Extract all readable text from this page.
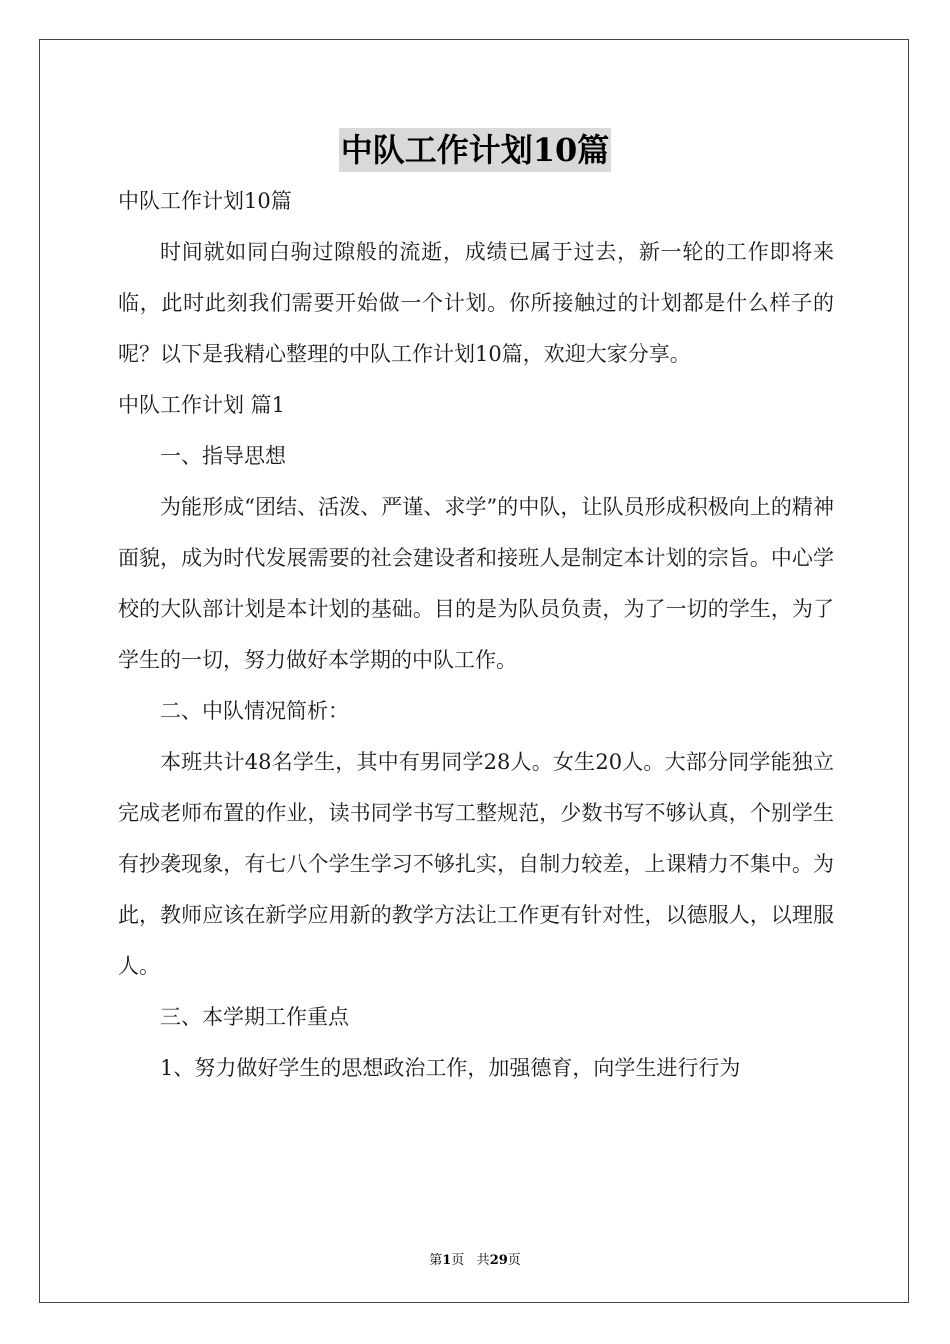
中队工作计划10篇

中队工作计划10篇

时间就如同白驹过隙般的流逝，成绩已属于过去，新一轮的工作即将来临，此时此刻我们需要开始做一个计划。你所接触过的计划都是什么样子的呢？以下是我精心整理的中队工作计划10篇，欢迎大家分享。

中队工作计划 篇1

一、指导思想

为能形成“团结、活泼、严谨、求学”的中队，让队员形成积极向上的精神面貌，成为时代发展需要的社会建设者和接班人是制定本计划的宗旨。中心学校的大队部计划是本计划的基础。目的是为队员负责，为了一切的学生，为了学生的一切，努力做好本学期的中队工作。

二、中队情况简析：

本班共计48名学生，其中有男同学28人。女生20人。大部分同学能独立完成老师布置的作业，读书同学书写工整规范，少数书写不够认真，个别学生有抄袭现象，有七八个学生学习不够扎实，自制力较差，上课精力不集中。为此，教师应该在新学应用新的教学方法让工作更有针对性，以德服人，以理服人。

三、本学期工作重点

1、努力做好学生的思想政治工作，加强德育，向学生进行行为

第1页 共29页
